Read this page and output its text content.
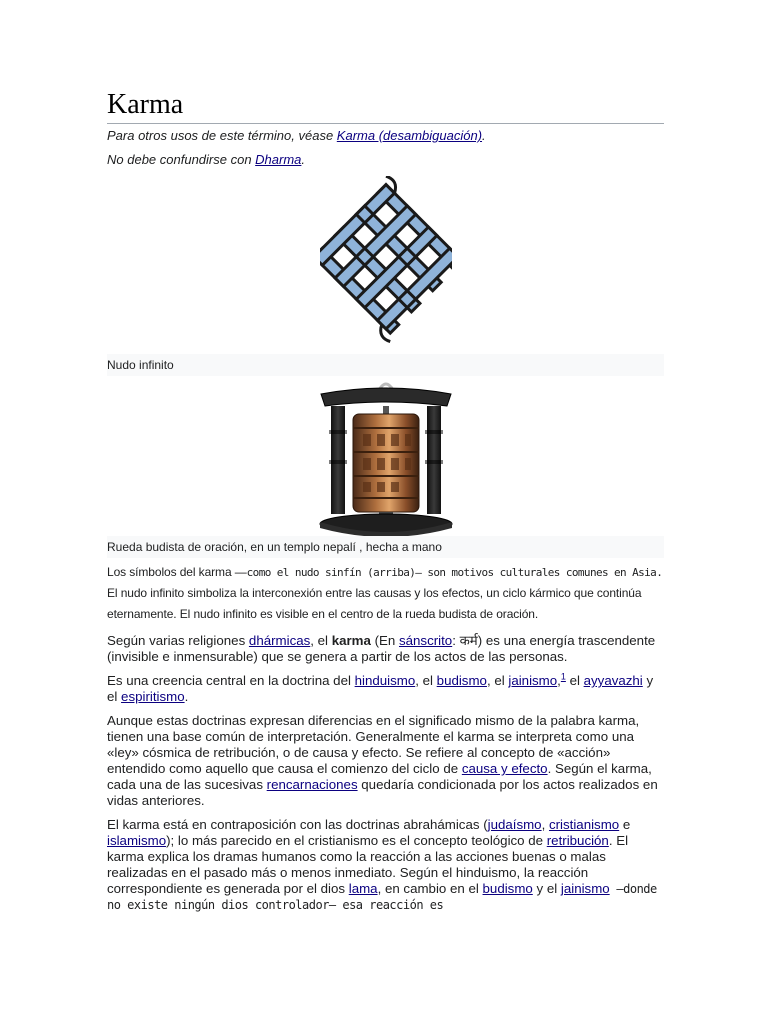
Karma
Para otros usos de este término, véase Karma (desambiguación).
No debe confundirse con Dharma.
Nudo infinito
Rueda budista de oración, en un templo nepalí , hecha a mano
Los símbolos del karma —como el nudo sinfín (arriba)— son motivos culturales comunes en Asia. El nudo infinito simboliza la interconexión entre las causas y los efectos, un ciclo kármico que continúa eternamente. El nudo infinito es visible en el centro de la rueda budista de oración.

Según varias religiones dhármicas, el karma (En sánscrito: कर्म) es una energía trascendente (invisible e inmensurable) que se genera a partir de los actos de las personas.

Es una creencia central en la doctrina del hinduismo, el budismo, el jainismo,$^1$ el ayyavazhi y el espiritismo.

Aunque estas doctrinas expresan diferencias en el significado mismo de la palabra karma, tienen una base común de interpretación. Generalmente el karma se interpreta como una «ley» cósmica de retribución, o de causa y efecto. Se refiere al concepto de «acción» entendido como aquello que causa el comienzo del ciclo de causa y efecto. Según el karma, cada una de las sucesivas rencarnaciones quedaría condicionada por los actos realizados en vidas anteriores.

El karma está en contraposición con las doctrinas abrahámicas (judaísmo, cristianismo e islamismo); lo más parecido en el cristianismo es el concepto teológico de retribución. El karma explica los dramas humanos como la reacción a las acciones buenas o malas realizadas en el pasado más o menos inmediato. Según el hinduismo, la reacción correspondiente es generada por el dios lama, en cambio en el budismo y el jainismo —donde no existe ningún dios controlador— esa reacción es
